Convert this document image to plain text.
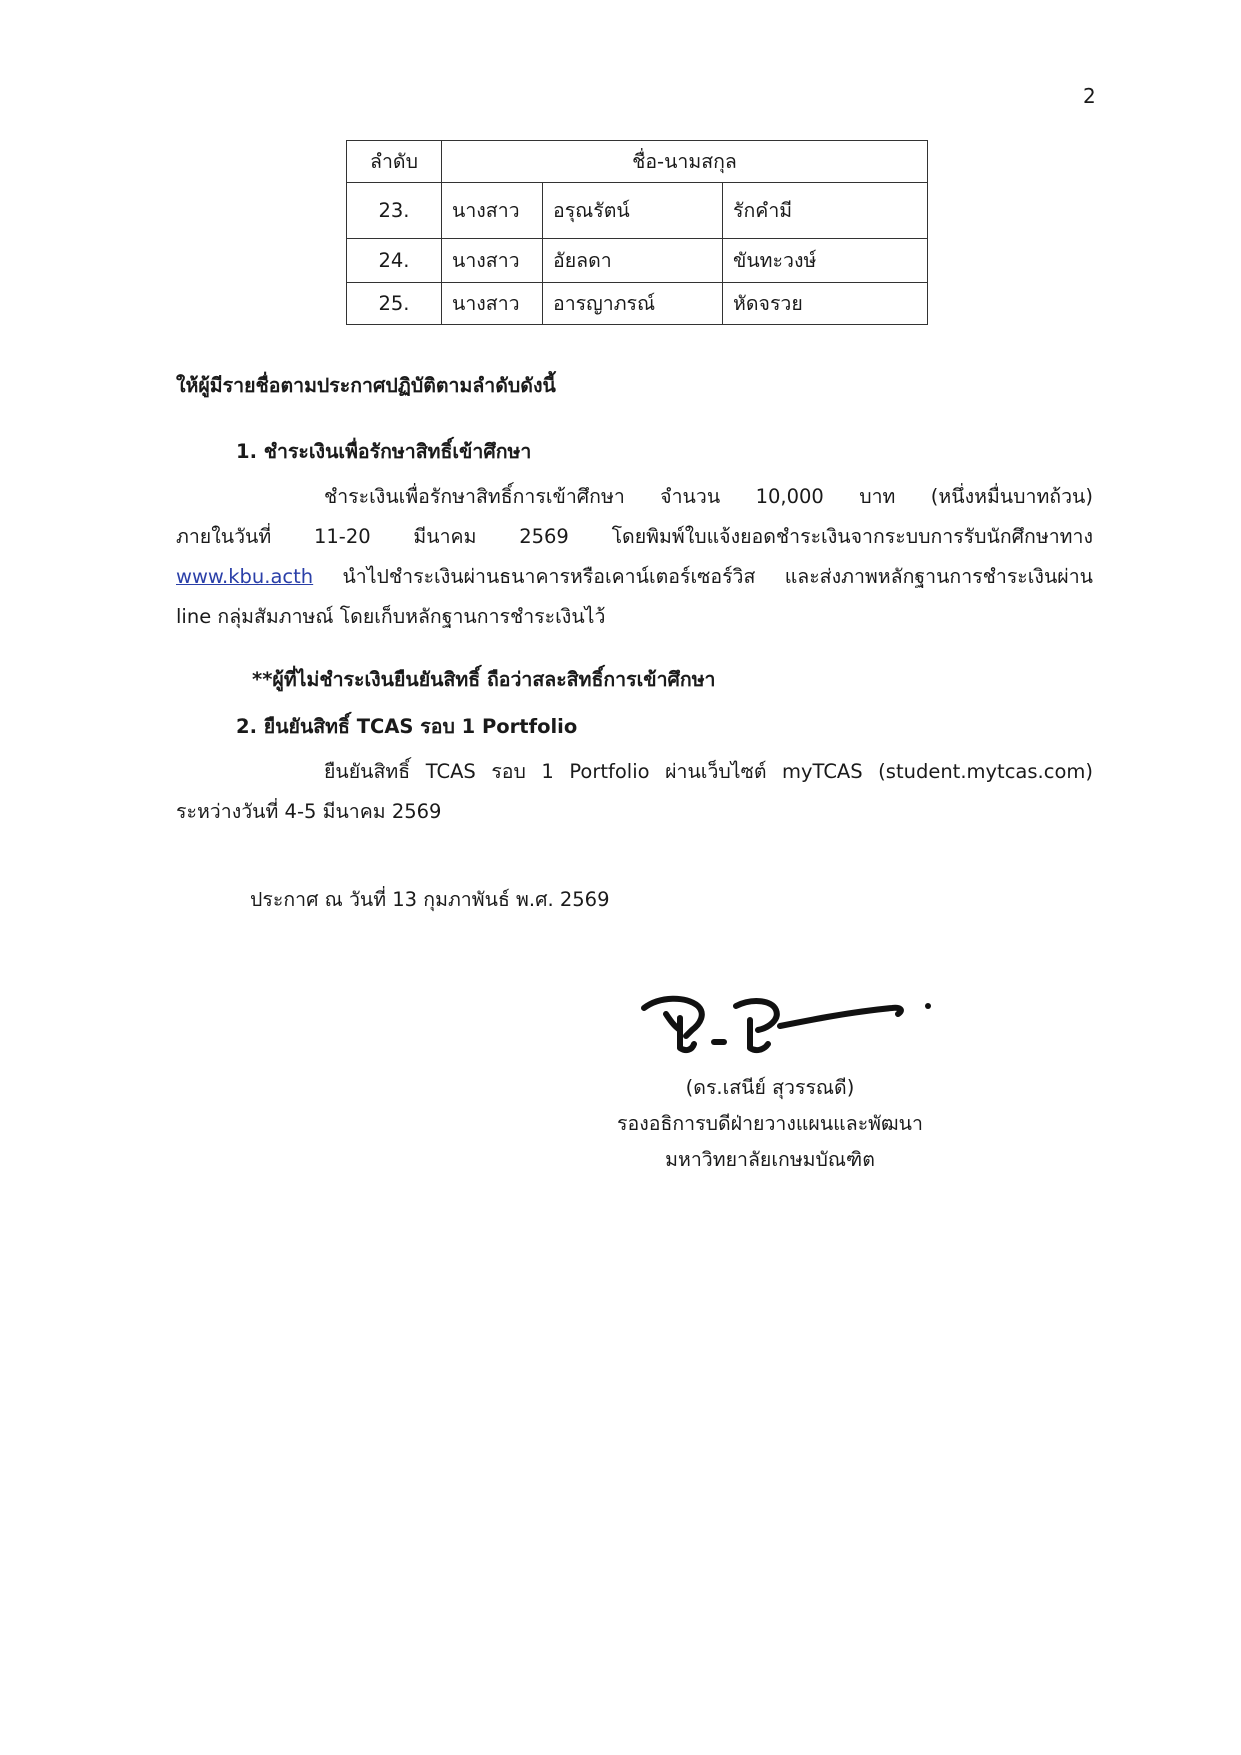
2
ลำดับ	ชื่อ-นามสกุล		
23.	นางสาว	อรุณรัตน์	รักคำมี
24.	นางสาว	อัยลดา	ขันทะวงษ์
25.	นางสาว	อารญาภรณ์	หัดจรวย
ให้ผู้มีรายชื่อตามประกาศปฏิบัติตามลำดับดังนี้
1. ชำระเงินเพื่อรักษาสิทธิ์เข้าศึกษา
ชำระเงินเพื่อรักษาสิทธิ์การเข้าศึกษา จำนวน 10,000 บาท (หนึ่งหมื่นบาทถ้วน)
ภายในวันที่ 11-20 มีนาคม 2569 โดยพิมพ์ใบแจ้งยอดชำระเงินจากระบบการรับนักศึกษาทาง
www.kbu.acth นำไปชำระเงินผ่านธนาคารหรือเคาน์เตอร์เซอร์วิส และส่งภาพหลักฐานการชำระเงินผ่าน
line กลุ่มสัมภาษณ์ โดยเก็บหลักฐานการชำระเงินไว้
**ผู้ที่ไม่ชำระเงินยืนยันสิทธิ์ ถือว่าสละสิทธิ์การเข้าศึกษา
2. ยืนยันสิทธิ์ TCAS รอบ 1 Portfolio
ยืนยันสิทธิ์ TCAS รอบ 1 Portfolio ผ่านเว็บไซต์ myTCAS (student.mytcas.com)
ระหว่างวันที่ 4-5 มีนาคม 2569
ประกาศ ณ วันที่ 13 กุมภาพันธ์ พ.ศ. 2569
(ดร.เสนีย์ สุวรรณดี)
รองอธิการบดีฝ่ายวางแผนและพัฒนา
มหาวิทยาลัยเกษมบัณฑิต
